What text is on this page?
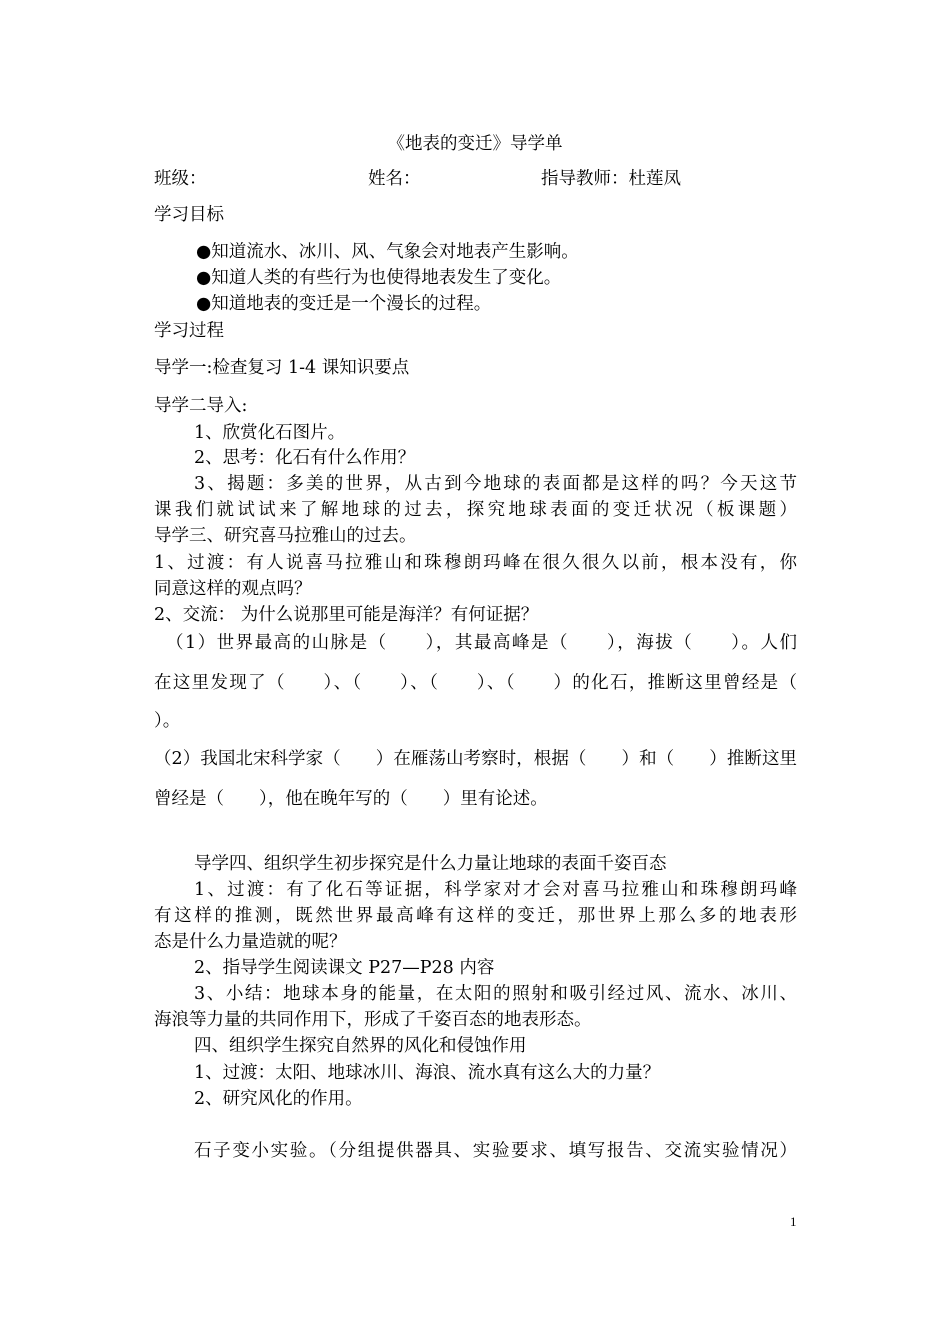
《地表的变迁》导学单

班级：	姓名：	指导教师：杜莲凤

学习目标

●知道流水、冰川、风、气象会对地表产生影响。

●知道人类的有些行为也使得地表发生了变化。

●知道地表的变迁是一个漫长的过程。

学习过程

导学一:检查复习 1-4 课知识要点

导学二导入:

1、欣赏化石图片。

2、思考：化石有什么作用？

3、揭题：多美的世界，从古到今地球的表面都是这样的吗？今天这节

课我们就试试来了解地球的过去，探究地球表面的变迁状况（板课题）

导学三、研究喜马拉雅山的过去。

1、过渡：有人说喜马拉雅山和珠穆朗玛峰在很久很久以前，根本没有，你

同意这样的观点吗？

2、交流： 为什么说那里可能是海洋？有何证据？

（1）世界最高的山脉是（　　），其最高峰是（　　），海拔（　　）。人们

在这里发现了（　　）、（　　）、（　　）、（　　）的化石，推断这里曾经是（

）。

（2）我国北宋科学家（　　）在雁荡山考察时，根据（　　）和（　　）推断这里

曾经是（　　），他在晚年写的（　　）里有论述。

导学四、组织学生初步探究是什么力量让地球的表面千姿百态

1、过渡：有了化石等证据，科学家对才会对喜马拉雅山和珠穆朗玛峰

有这样的推测，既然世界最高峰有这样的变迁，那世界上那么多的地表形

态是什么力量造就的呢？

2、指导学生阅读课文 P27—P28 内容

3、小结：地球本身的能量，在太阳的照射和吸引经过风、流水、冰川、

海浪等力量的共同作用下，形成了千姿百态的地表形态。

四、组织学生探究自然界的风化和侵蚀作用

1、过渡：太阳、地球冰川、海浪、流水真有这么大的力量？

2、研究风化的作用。

石子变小实验。（分组提供器具、实验要求、填写报告、交流实验情况）

1
